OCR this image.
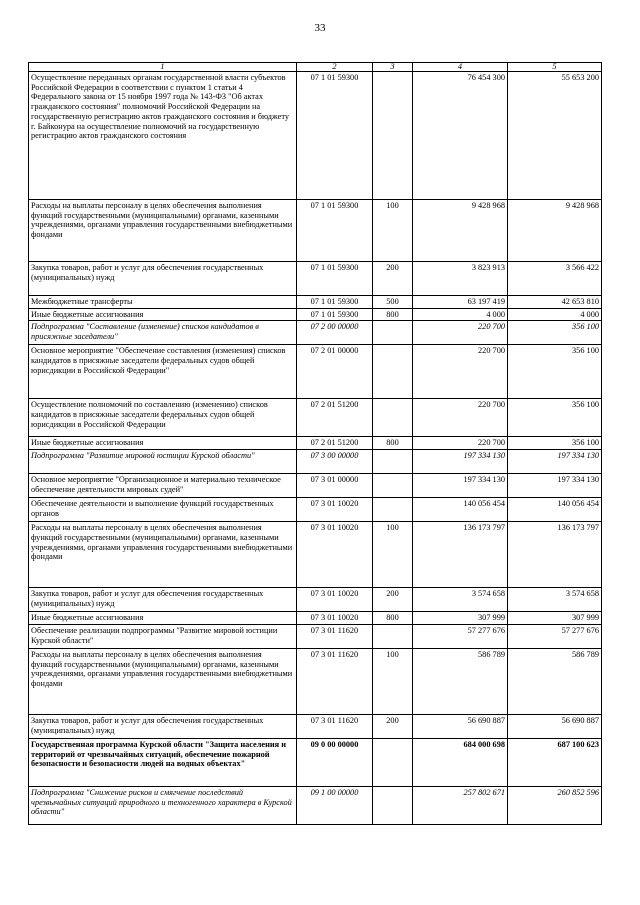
33
1	2	3	4	5
Осуществление переданных органам государственной власти субъектов Российской Федерации в соответствии с пунктом 1 статьи 4 Федерального закона от 15 ноября 1997 года № 143-ФЗ "Об актах гражданского состояния" полномочий Российской Федерации на государственную регистрацию актов гражданского состояния и бюджету г. Байконура на осуществление полномочий на государственную регистрацию актов гражданского состояния	07 1 01 59300		76 454 300	55 653 200
Расходы на выплаты персоналу в целях обеспечения выполнения функций государственными (муниципальными) органами, казенными учреждениями, органами управления государственными внебюджетными фондами	07 1 01 59300	100	9 428 968	9 428 968
Закупка товаров, работ и услуг для обеспечения государственных (муниципальных) нужд	07 1 01 59300	200	3 823 913	3 566 422
Межбюджетные трансферты	07 1 01 59300	500	63 197 419	42 653 810
Иные бюджетные ассигнования	07 1 01 59300	800	4 000	4 000
Подпрограмма "Составление (изменение) списков кандидатов в присяжные заседатели"	07 2 00 00000		220 700	356 100
Основное мероприятие "Обеспечение составления (изменения) списков кандидатов в присяжные заседатели федеральных судов общей юрисдикции в Российской Федерации"	07 2 01 00000		220 700	356 100
Осуществление полномочий по составлению (изменению) списков кандидатов в присяжные заседатели федеральных судов общей юрисдикции в Российской Федерации	07 2 01 51200		220 700	356 100
Иные бюджетные ассигнования	07 2 01 51200	800	220 700	356 100
Подпрограмма "Развитие мировой юстиции Курской области"	07 3 00 00000		197 334 130	197 334 130
Основное мероприятие "Организационное и материально техническое обеспечение деятельности мировых судей"	07 3 01 00000		197 334 130	197 334 130
Обеспечение деятельности и выполнение функций государственных органов	07 3 01 10020		140 056 454	140 056 454
Расходы на выплаты персоналу в целях обеспечения выполнения функций государственными (муниципальными) органами, казенными учреждениями, органами управления государственными внебюджетными фондами	07 3 01 10020	100	136 173 797	136 173 797
Закупка товаров, работ и услуг для обеспечения государственных (муниципальных) нужд	07 3 01 10020	200	3 574 658	3 574 658
Иные бюджетные ассигнования	07 3 01 10020	800	307 999	307 999
Обеспечение реализации подпрограммы "Развитие мировой юстиции Курской области"	07 3 01 11620		57 277 676	57 277 676
Расходы на выплаты персоналу в целях обеспечения выполнения функций государственными (муниципальными) органами, казенными учреждениями, органами управления государственными внебюджетными фондами	07 3 01 11620	100	586 789	586 789
Закупка товаров, работ и услуг для обеспечения государственных (муниципальных) нужд	07 3 01 11620	200	56 690 887	56 690 887
Государственная программа Курской области "Защита населения и территорий от чрезвычайных ситуаций, обеспечение пожарной безопасности и безопасности людей на водных объектах"	09 0 00 00000		684 000 698	687 100 623
Подпрограмма "Снижение рисков и смягчение последствий чрезвычайных ситуаций природного и техногенного характера в Курской области"	09 1 00 00000		257 802 671	260 852 596
